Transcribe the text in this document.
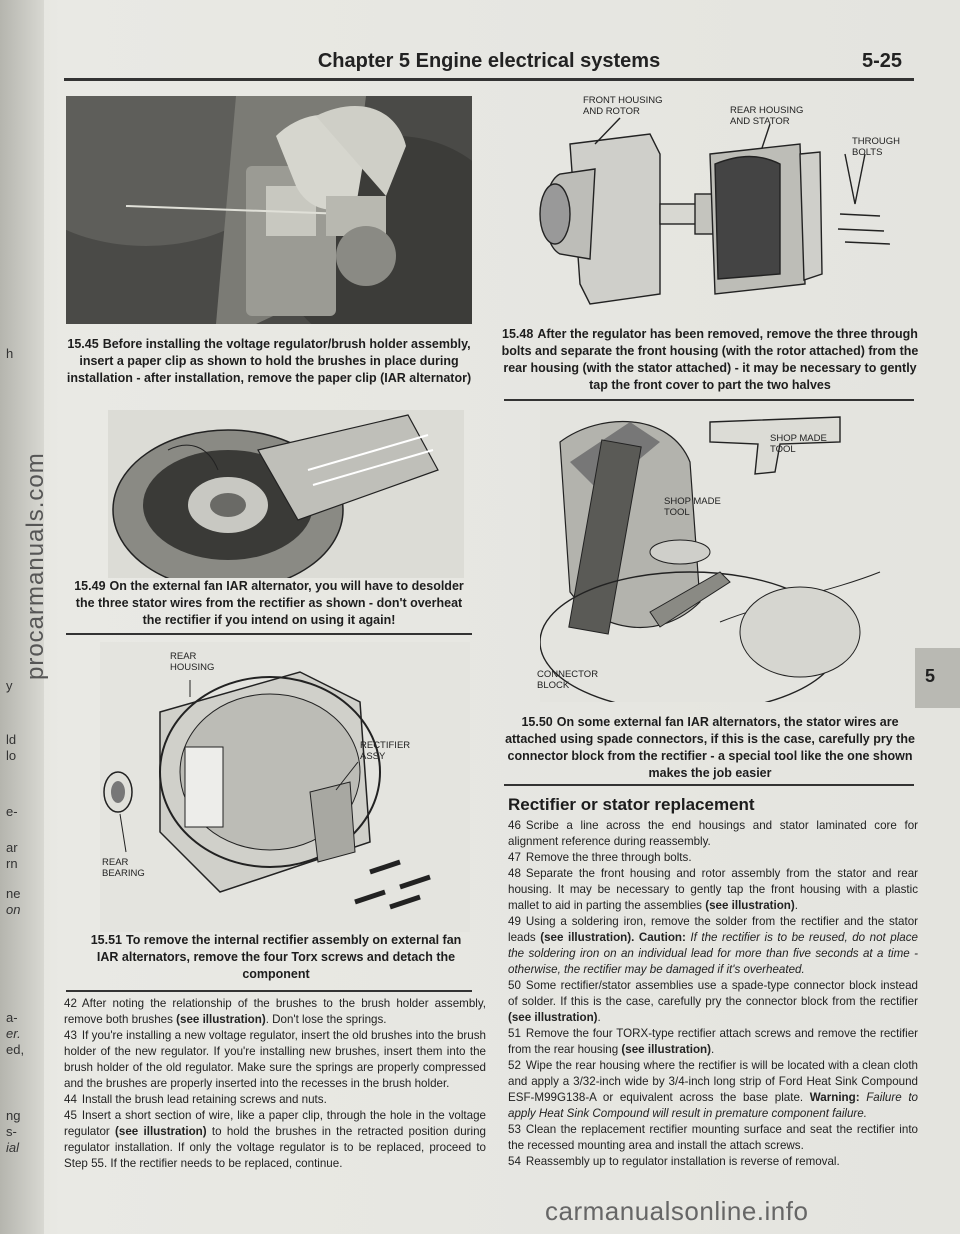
h
y
ld
lo
e-
ar
rn
ne
on
a-
er.
ed,
ng
s-
ial
procarmanuals.com
Chapter 5 Engine electrical systems	5-25
15.45 Before installing the voltage regulator/brush holder assembly, insert a paper clip as shown to hold the brushes in place during installation - after installation, remove the paper clip (IAR alternator)
FRONT HOUSING
AND ROTOR	REAR HOUSING
AND STATOR
THROUGH
BOLTS
15.48 After the regulator has been removed, remove the three through bolts and separate the front housing (with the rotor attached) from the rear housing (with the stator attached) - it may be necessary to gently tap the front cover to part the two halves
15.49 On the external fan IAR alternator, you will have to desolder the three stator wires from the rectifier as shown - don't overheat the rectifier if you intend on using it again!
SHOP MADE
TOOL
SHOP MADE
TOOL
CONNECTOR
BLOCK
15.50 On some external fan IAR alternators, the stator wires are attached using spade connectors, if this is the case, carefully pry the connector block from the rectifier - a special tool like the one shown makes the job easier
REAR
HOUSING
RECTIFIER
ASSY
REAR
BEARING
15.51 To remove the internal rectifier assembly on external fan IAR alternators, remove the four Torx screws and detach the component

42 After noting the relationship of the brushes to the brush holder assembly, remove both brushes (see illustration). Don't lose the springs.

43 If you're installing a new voltage regulator, insert the old brushes into the brush holder of the new regulator. If you're installing new brushes, insert them into the brush holder of the old regulator. Make sure the springs are properly compressed and the brushes are properly inserted into the recesses in the brush holder.

44 Install the brush lead retaining screws and nuts.

45 Insert a short section of wire, like a paper clip, through the hole in the voltage regulator (see illustration) to hold the brushes in the retracted position during regulator installation. If only the voltage regulator is to be replaced, proceed to Step 55. If the rectifier needs to be replaced, continue.

Rectifier or stator replacement

46 Scribe a line across the end housings and stator laminated core for alignment reference during reassembly.

47 Remove the three through bolts.

48 Separate the front housing and rotor assembly from the stator and rear housing. It may be necessary to gently tap the front housing with a plastic mallet to aid in parting the assemblies (see illustration).

49 Using a soldering iron, remove the solder from the rectifier and the stator leads (see illustration). Caution: If the rectifier is to be reused, do not place the soldering iron on an individual lead for more than five seconds at a time - otherwise, the rectifier may be damaged if it's overheated.

50 Some rectifier/stator assemblies use a spade-type connector block instead of solder. If this is the case, carefully pry the connector block from the rectifier (see illustration).

51 Remove the four TORX-type rectifier attach screws and remove the rectifier from the rear housing (see illustration).

52 Wipe the rear housing where the rectifier is will be located with a clean cloth and apply a 3/32-inch wide by 3/4-inch long strip of Ford Heat Sink Compound ESF-M99G138-A or equivalent across the base plate. Warning: Failure to apply Heat Sink Compound will result in premature component failure.

53 Clean the replacement rectifier mounting surface and seat the rectifier into the recessed mounting area and install the attach screws.

54 Reassembly up to regulator installation is reverse of removal.

5
carmanualsonline.info
